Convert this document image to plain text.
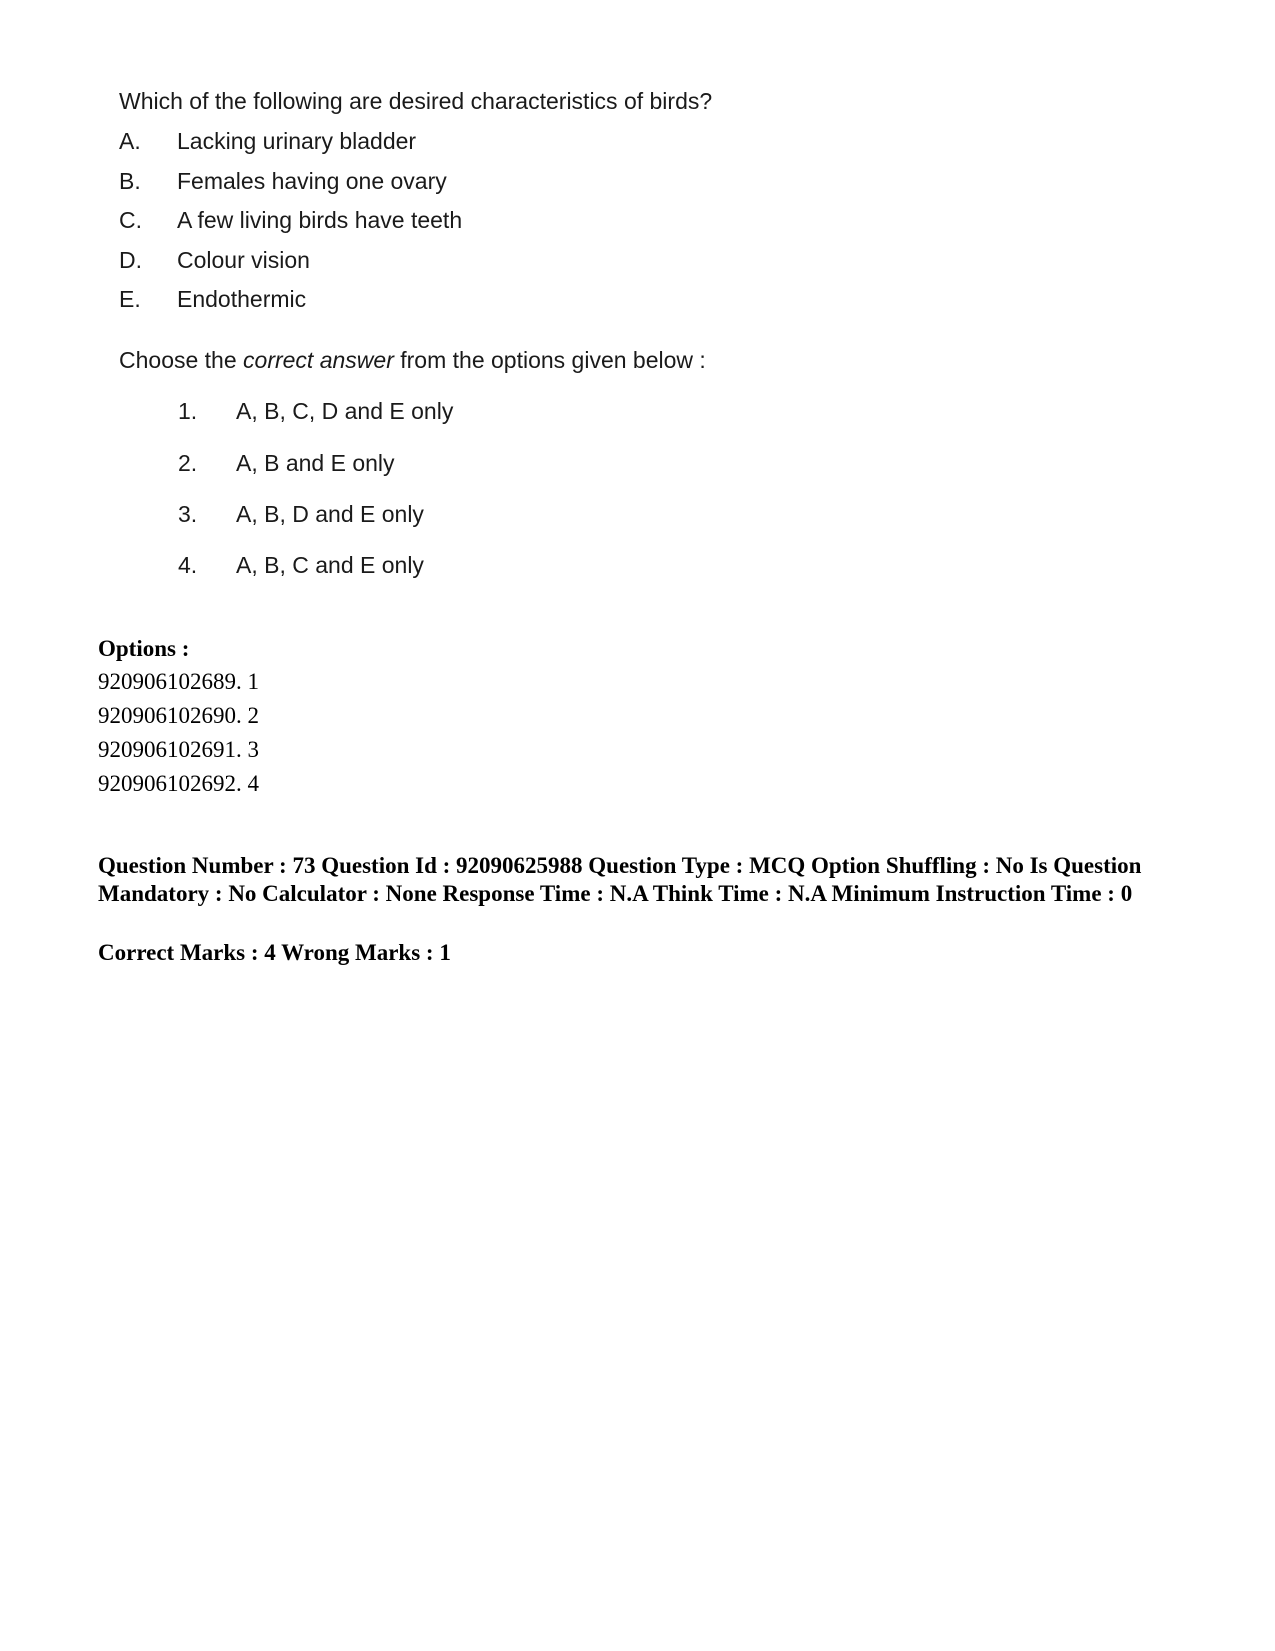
Which of the following are desired characteristics of birds?
A. Lacking urinary bladder
B. Females having one ovary
C. A few living birds have teeth
D. Colour vision
E. Endothermic
Choose the correct answer from the options given below :
1. A, B, C, D and E only
2. A, B and E only
3. A, B, D and E only
4. A, B, C and E only
Options :
920906102689. 1
920906102690. 2
920906102691. 3
920906102692. 4
Question Number : 73 Question Id : 92090625988 Question Type : MCQ Option Shuffling : No Is Question Mandatory : No Calculator : None Response Time : N.A Think Time : N.A Minimum Instruction Time : 0
Correct Marks : 4 Wrong Marks : 1
